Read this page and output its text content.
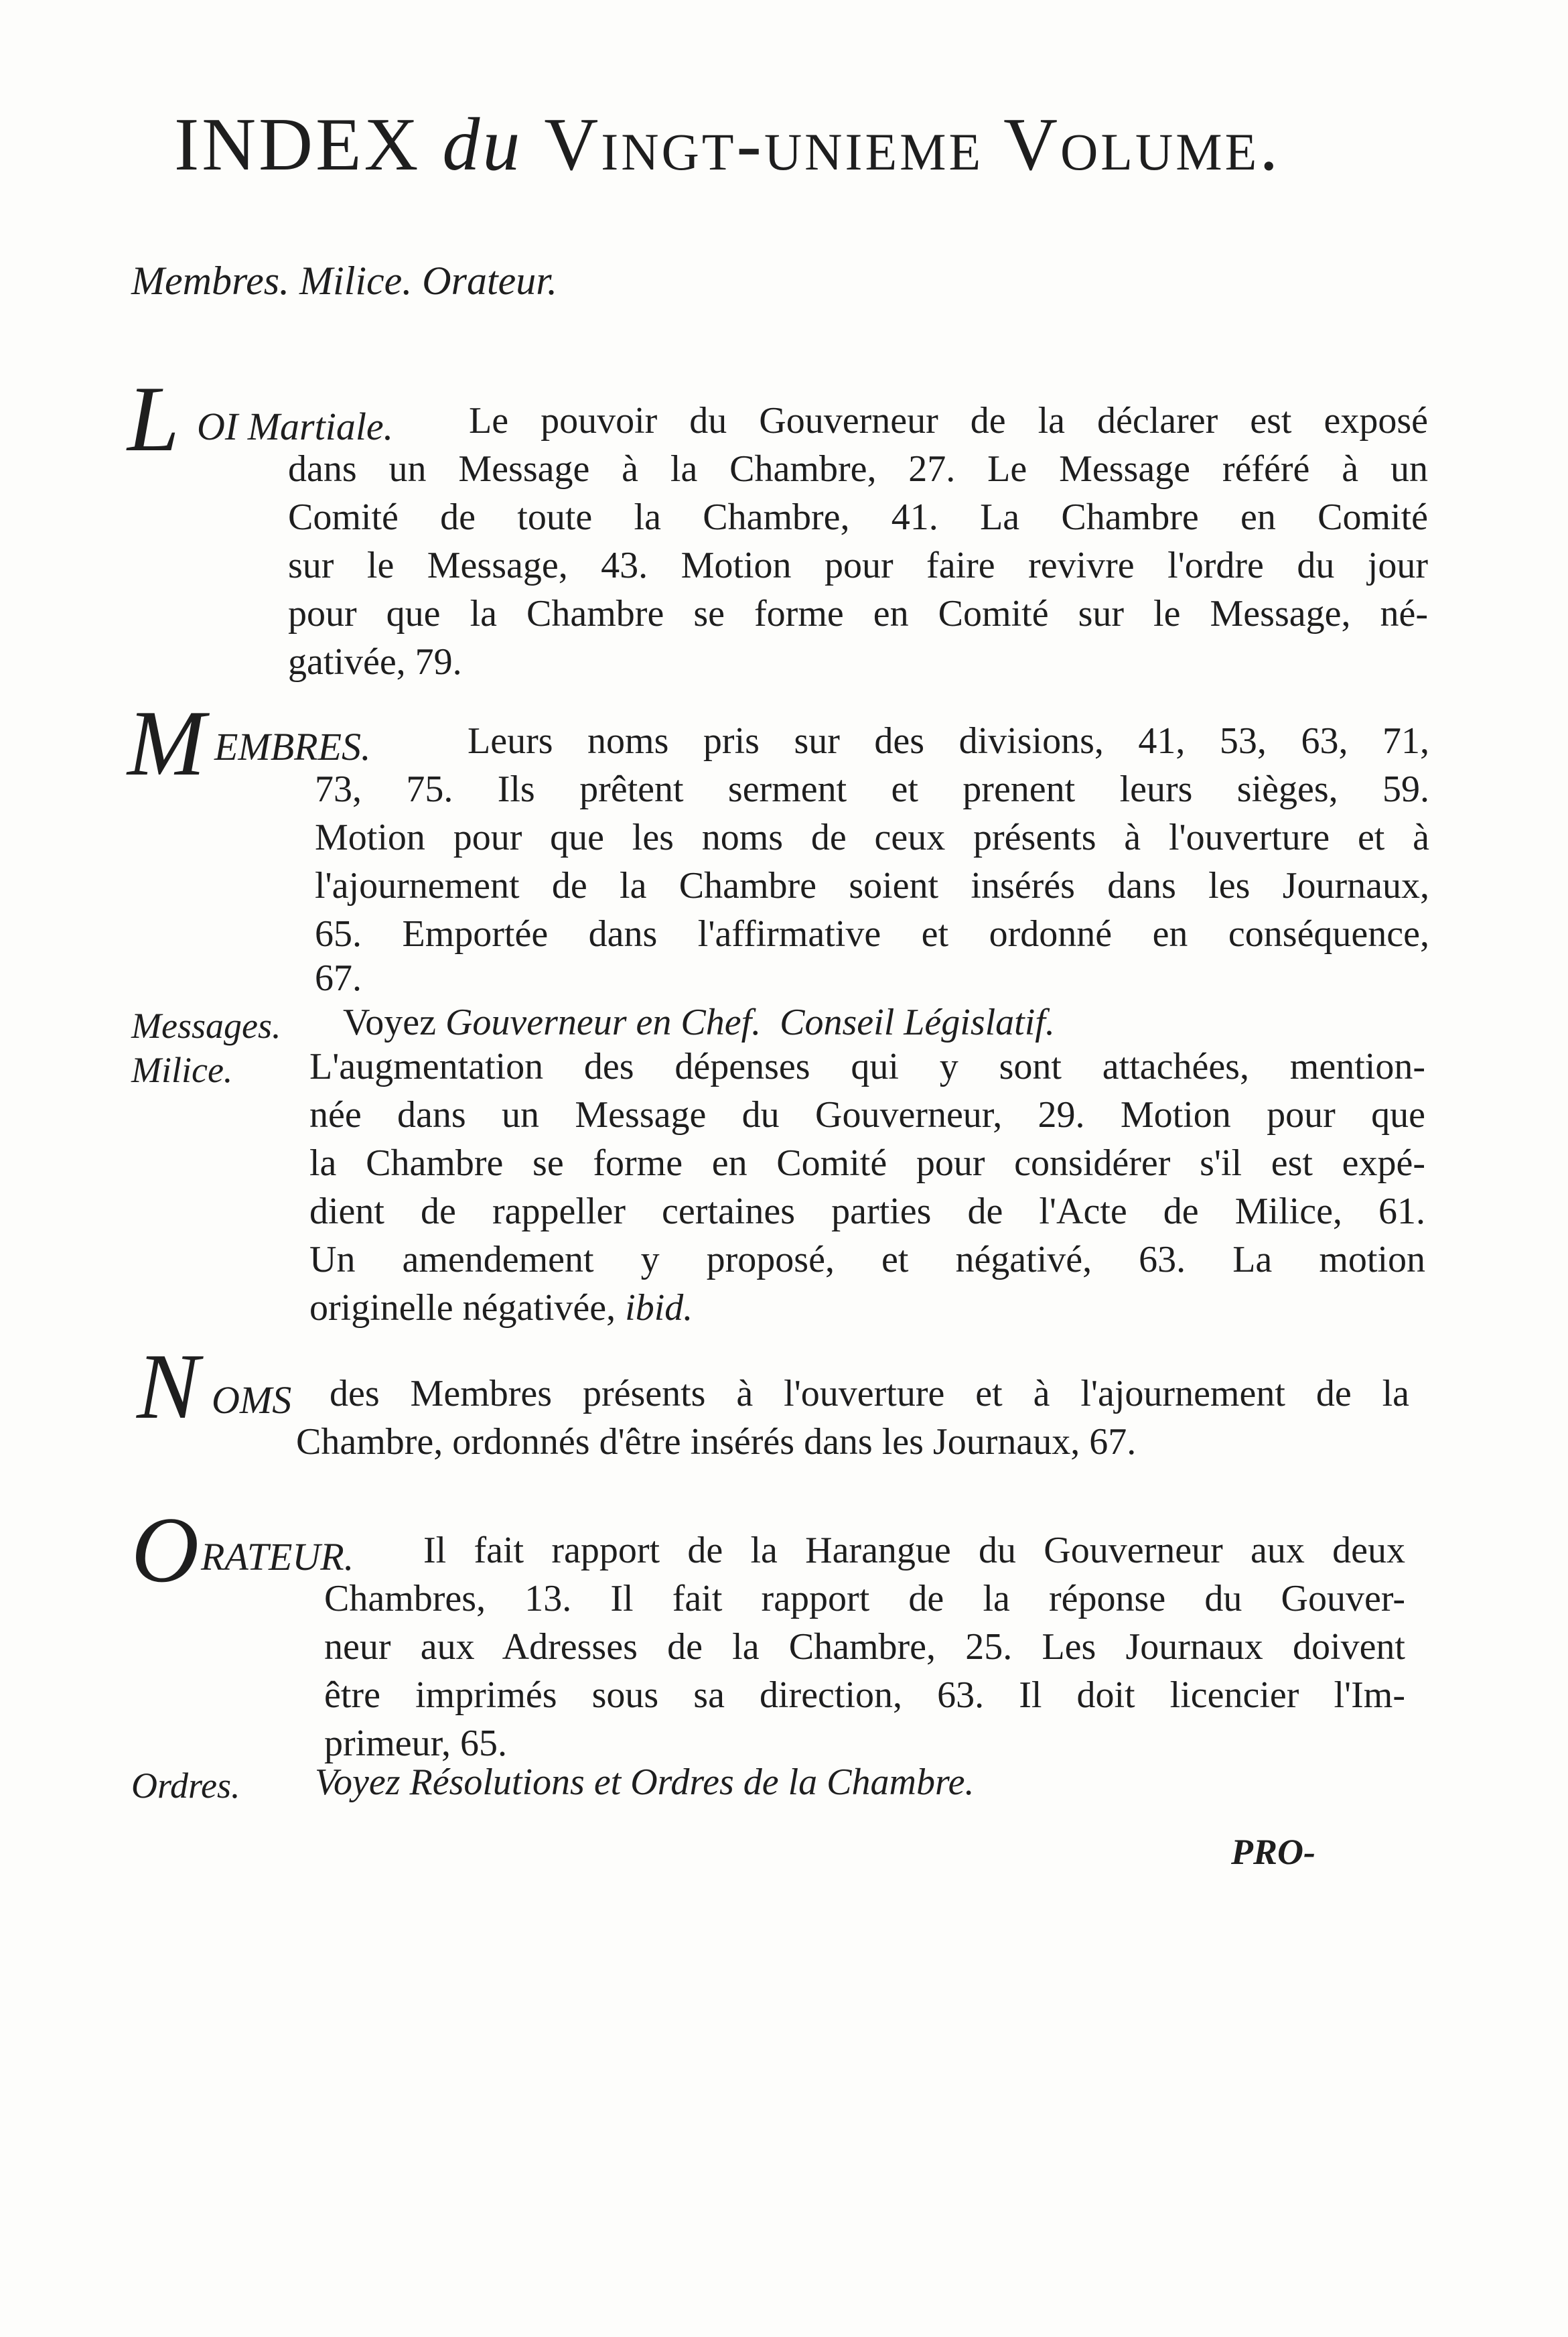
INDEX du Vingt-unieme Volume.
Membres. Milice. Orateur.
L OI Martiale. Le pouvoir du Gouverneur de la déclarer est exposé
dans un Message à la Chambre, 27. Le Message référé à un
Comité de toute la Chambre, 41. La Chambre en Comité
sur le Message, 43. Motion pour faire revivre l'ordre du jour
pour que la Chambre se forme en Comité sur le Message, né-
gativée, 79.
M EMBRES.	Leurs noms pris sur des divisions, 41, 53, 63, 71,
73, 75. Ils prêtent serment et prenent leurs sièges, 59.
Motion pour que les noms de ceux présents à l'ouverture et à
l'ajournement de la Chambre soient insérés dans les Journaux,
65. Emportée dans l'affirmative et ordonné en conséquence,
67.
Messages. Voyez Gouverneur en Chef. Conseil Législatif.
Milice. L'augmentation des dépenses qui y sont attachées, mention-
née dans un Message du Gouverneur, 29. Motion pour que
la Chambre se forme en Comité pour considérer s'il est expé-
dient de rappeller certaines parties de l'Acte de Milice, 61.
Un amendement y proposé, et négativé, 63. La motion
originelle négativée, ibid.
N OMS des Membres présents à l'ouverture et à l'ajournement de la
Chambre, ordonnés d'être insérés dans les Journaux, 67.
O RATEUR. Il fait rapport de la Harangue du Gouverneur aux deux
Chambres, 13. Il fait rapport de la réponse du Gouver-
neur aux Adresses de la Chambre, 25. Les Journaux doivent
être imprimés sous sa direction, 63. Il doit licencier l'Im-
primeur, 65.
Ordres. Voyez Résolutions et Ordres de la Chambre.
PRO-
